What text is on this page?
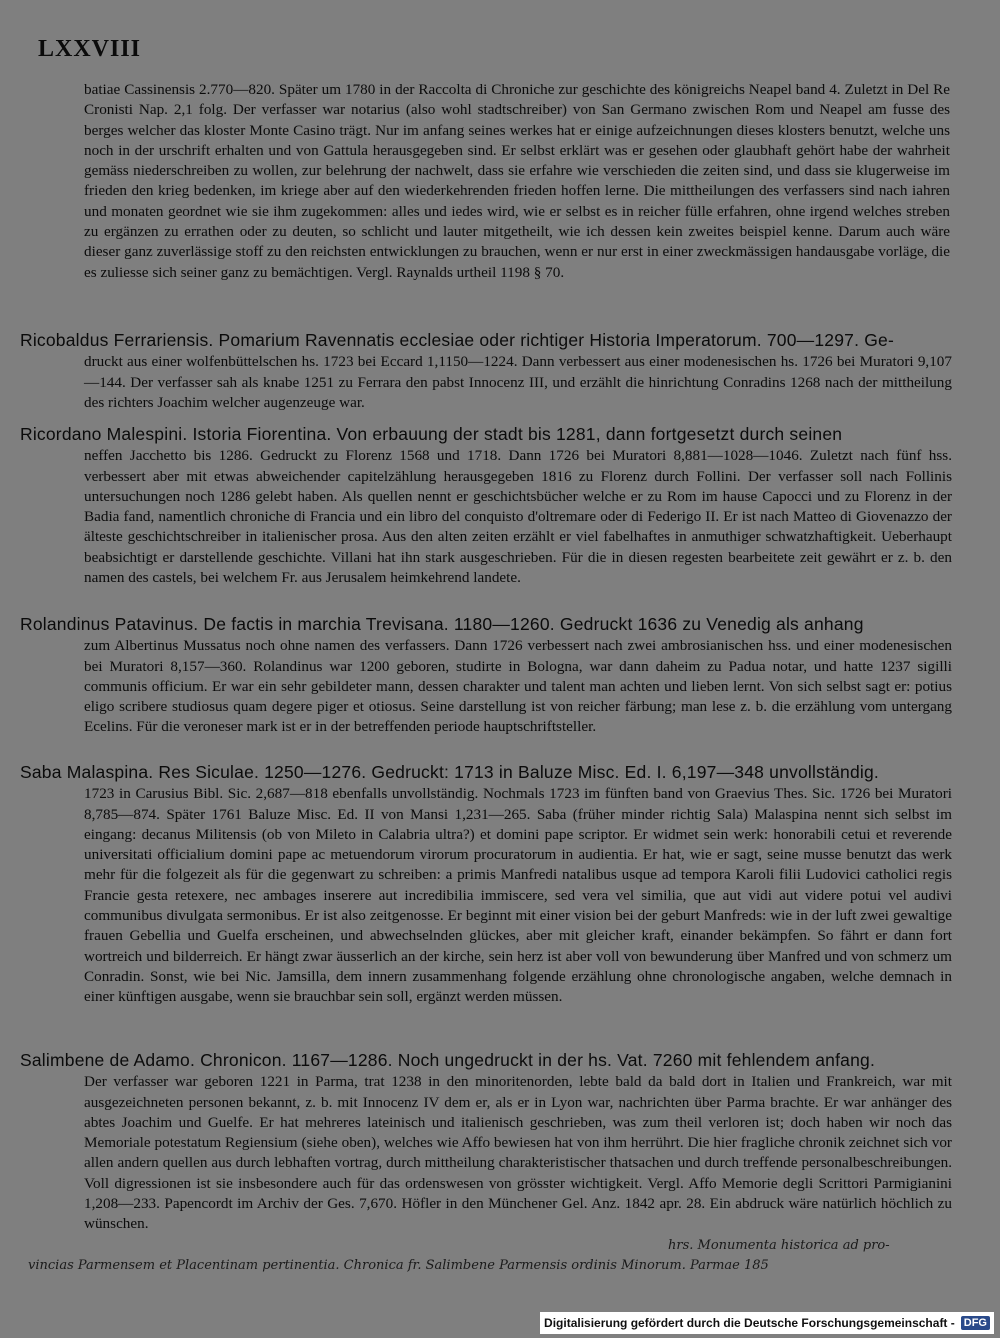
LXXVIII

batiae Cassinensis 2.770—820. Später um 1780 in der Raccolta di Chroniche zur geschichte des königreichs Neapel band 4. Zuletzt in Del Re Cronisti Nap. 2,1 folg. Der verfasser war notarius (also wohl stadtschreiber) von San Germano zwischen Rom und Neapel am fusse des berges welcher das kloster Monte Casino trägt. Nur im anfang seines werkes hat er einige aufzeichnungen dieses klosters benutzt, welche uns noch in der urschrift erhalten und von Gattula herausgegeben sind. Er selbst erklärt was er gesehen oder glaubhaft gehört habe der wahrheit gemäss niederschreiben zu wollen, zur belehrung der nachwelt, dass sie erfahre wie verschieden die zeiten sind, und dass sie klugerweise im frieden den krieg bedenken, im kriege aber auf den wiederkehrenden frieden hoffen lerne. Die mittheilungen des verfassers sind nach iahren und monaten geordnet wie sie ihm zugekommen: alles und iedes wird, wie er selbst es in reicher fülle erfahren, ohne irgend welches streben zu ergänzen zu errathen oder zu deuten, so schlicht und lauter mitgetheilt, wie ich dessen kein zweites beispiel kenne. Darum auch wäre dieser ganz zuverlässige stoff zu den reichsten entwicklungen zu brauchen, wenn er nur erst in einer zweckmässigen handausgabe vorläge, die es zuliesse sich seiner ganz zu bemächtigen. Vergl. Raynalds urtheil 1198 § 70.

Ricobaldus Ferrariensis. Pomarium Ravennatis ecclesiae oder richtiger Historia Imperatorum. 700—1297. Ge-
druckt aus einer wolfenbüttelschen hs. 1723 bei Eccard 1,1150—1224. Dann verbessert aus einer modenesischen hs. 1726 bei Muratori 9,107—144. Der verfasser sah als knabe 1251 zu Ferrara den pabst Innocenz III, und erzählt die hinrichtung Conradins 1268 nach der mittheilung des richters Joachim welcher augenzeuge war.
Ricordano Malespini. Istoria Fiorentina. Von erbauung der stadt bis 1281, dann fortgesetzt durch seinen
neffen Jacchetto bis 1286. Gedruckt zu Florenz 1568 und 1718. Dann 1726 bei Muratori 8,881—1028—1046. Zuletzt nach fünf hss. verbessert aber mit etwas abweichender capitelzählung herausgegeben 1816 zu Florenz durch Follini. Der verfasser soll nach Follinis untersuchungen noch 1286 gelebt haben. Als quellen nennt er geschichtsbücher welche er zu Rom im hause Capocci und zu Florenz in der Badia fand, namentlich chroniche di Francia und ein libro del conquisto d'oltremare oder di Federigo II. Er ist nach Matteo di Giovenazzo der älteste geschichtschreiber in italienischer prosa. Aus den alten zeiten erzählt er viel fabelhaftes in anmuthiger schwatzhaftigkeit. Ueberhaupt beabsichtigt er darstellende geschichte. Villani hat ihn stark ausgeschrieben. Für die in diesen regesten bearbeitete zeit gewährt er z. b. den namen des castels, bei welchem Fr. aus Jerusalem heimkehrend landete.
Rolandinus Patavinus. De factis in marchia Trevisana. 1180—1260. Gedruckt 1636 zu Venedig als anhang
zum Albertinus Mussatus noch ohne namen des verfassers. Dann 1726 verbessert nach zwei ambrosianischen hss. und einer modenesischen bei Muratori 8,157—360. Rolandinus war 1200 geboren, studirte in Bologna, war dann daheim zu Padua notar, und hatte 1237 sigilli communis officium. Er war ein sehr gebildeter mann, dessen charakter und talent man achten und lieben lernt. Von sich selbst sagt er: potius eligo scribere studiosus quam degere piger et otiosus. Seine darstellung ist von reicher färbung; man lese z. b. die erzählung vom untergang Ecelins. Für die veroneser mark ist er in der betreffenden periode hauptschriftsteller.
Saba Malaspina. Res Siculae. 1250—1276. Gedruckt: 1713 in Baluze Misc. Ed. I. 6,197—348 unvollständig.
1723 in Carusius Bibl. Sic. 2,687—818 ebenfalls unvollständig. Nochmals 1723 im fünften band von Graevius Thes. Sic. 1726 bei Muratori 8,785—874. Später 1761 Baluze Misc. Ed. II von Mansi 1,231—265. Saba (früher minder richtig Sala) Malaspina nennt sich selbst im eingang: decanus Militensis (ob von Mileto in Calabria ultra?) et domini pape scriptor. Er widmet sein werk: honorabili cetui et reverende universitati officialium domini pape ac metuendorum virorum procuratorum in audientia. Er hat, wie er sagt, seine musse benutzt das werk mehr für die folgezeit als für die gegenwart zu schreiben: a primis Manfredi natalibus usque ad tempora Karoli filii Ludovici catholici regis Francie gesta retexere, nec ambages inserere aut incredibilia immiscere, sed vera vel similia, que aut vidi aut videre potui vel audivi communibus divulgata sermonibus. Er ist also zeitgenosse. Er beginnt mit einer vision bei der geburt Manfreds: wie in der luft zwei gewaltige frauen Gebellia und Guelfa erscheinen, und abwechselnden glückes, aber mit gleicher kraft, einander bekämpfen. So fährt er dann fort wortreich und bilderreich. Er hängt zwar äusserlich an der kirche, sein herz ist aber voll von bewunderung über Manfred und von schmerz um Conradin. Sonst, wie bei Nic. Jamsilla, dem innern zusammenhang folgende erzählung ohne chronologische angaben, welche demnach in einer künftigen ausgabe, wenn sie brauchbar sein soll, ergänzt werden müssen.
Salimbene de Adamo. Chronicon. 1167—1286. Noch ungedruckt in der hs. Vat. 7260 mit fehlendem anfang.
Der verfasser war geboren 1221 in Parma, trat 1238 in den minoritenorden, lebte bald da bald dort in Italien und Frankreich, war mit ausgezeichneten personen bekannt, z. b. mit Innocenz IV dem er, als er in Lyon war, nachrichten über Parma brachte. Er war anhänger des abtes Joachim und Guelfe. Er hat mehreres lateinisch und italienisch geschrieben, was zum theil verloren ist; doch haben wir noch das Memoriale potestatum Regiensium (siehe oben), welches wie Affo bewiesen hat von ihm herrührt. Die hier fragliche chronik zeichnet sich vor allen andern quellen aus durch lebhaften vortrag, durch mittheilung charakteristischer thatsachen und durch treffende personalbeschreibungen. Voll digressionen ist sie insbesondere auch für das ordenswesen von grösster wichtigkeit. Vergl. Affo Memorie degli Scrittori Parmigianini 1,208—233. Papencordt im Archiv der Ges. 7,670. Höfler in den Münchener Gel. Anz. 1842 apr. 28. Ein abdruck wäre natürlich höchlich zu wünschen.
hrs. Monumenta historica ad pro-
vincias Parmensem et Placentinam pertinentia. Chronica fr. Salimbene Parmensis ordinis Minorum. Parmae 185
Digitalisierung gefördert durch die Deutsche Forschungsgemeinschaft - DFG
